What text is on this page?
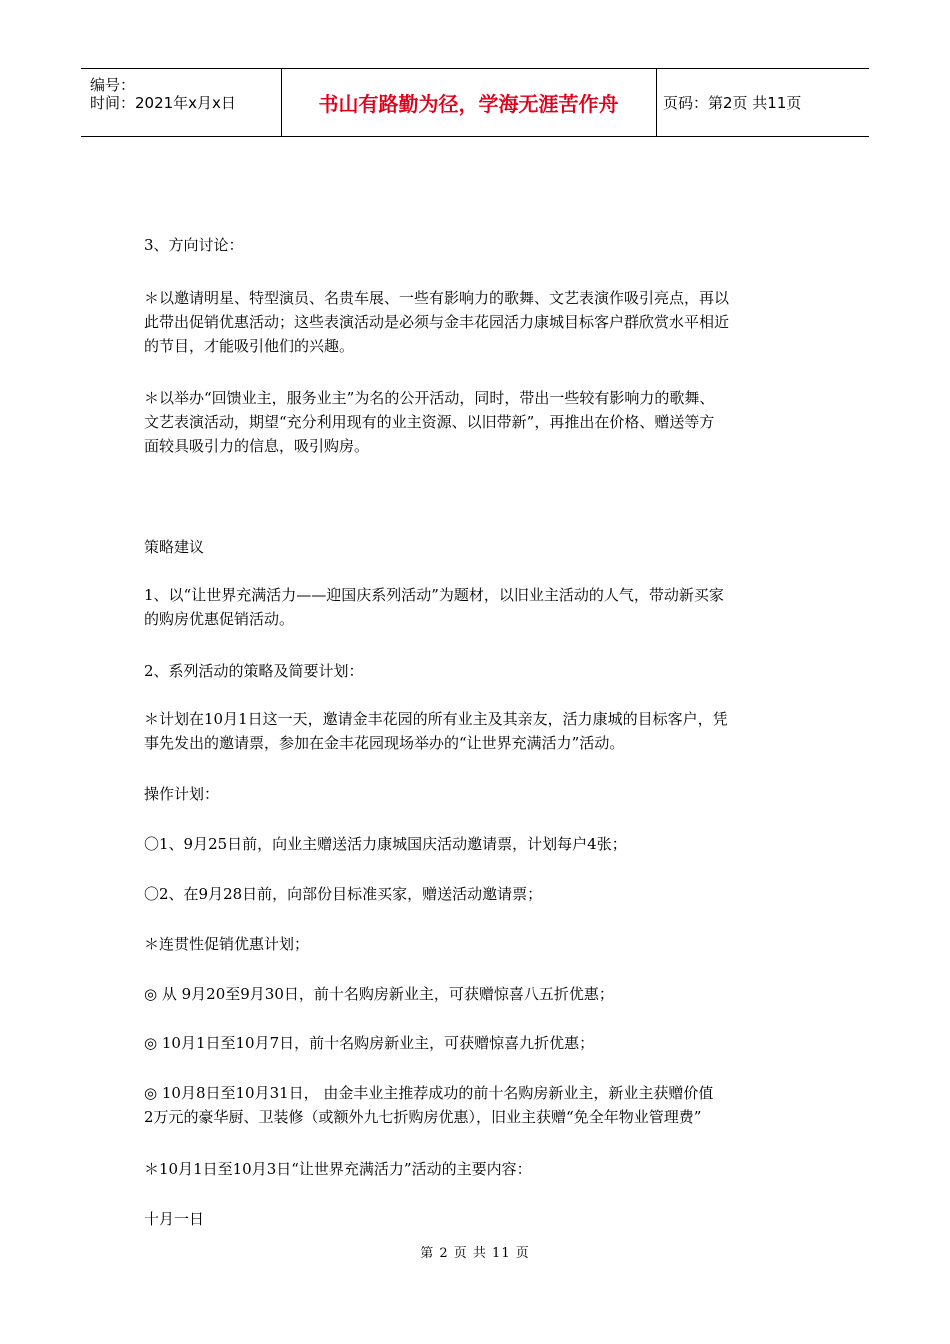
编号：
时间：2021年x月x日	书山有路勤为径，学海无涯苦作舟	页码：第2页 共11页
3、方向讨论：
＊以邀请明星、特型演员、名贵车展、一些有影响力的歌舞、文艺表演作吸引亮点，再以
此带出促销优惠活动；这些表演活动是必须与金丰花园活力康城目标客户群欣赏水平相近
的节目，才能吸引他们的兴趣。
＊以举办“回馈业主，服务业主”为名的公开活动，同时，带出一些较有影响力的歌舞、
文艺表演活动，期望“充分利用现有的业主资源、以旧带新”，再推出在价格、赠送等方
面较具吸引力的信息，吸引购房。
策略建议
1、以“让世界充满活力——迎国庆系列活动”为题材，以旧业主活动的人气，带动新买家
的购房优惠促销活动。
2、系列活动的策略及简要计划：
＊计划在10月1日这一天，邀请金丰花园的所有业主及其亲友，活力康城的目标客户，凭
事先发出的邀请票，参加在金丰花园现场举办的“让世界充满活力”活动。
操作计划：
〇1、9月25日前，向业主赠送活力康城国庆活动邀请票，计划每户4张；
〇2、在9月28日前，向部份目标准买家，赠送活动邀请票；
＊连贯性促销优惠计划；
◎ 从 9月20至9月30日，前十名购房新业主，可获赠惊喜八五折优惠；
◎ 10月1日至10月7日，前十名购房新业主，可获赠惊喜九折优惠；
◎ 10月8日至10月31日， 由金丰业主推荐成功的前十名购房新业主，新业主获赠价值
2万元的豪华厨、卫装修（或额外九七折购房优惠），旧业主获赠“免全年物业管理费”
＊10月1日至10月3日“让世界充满活力”活动的主要内容：
十月一日
第 2 页 共 11 页
